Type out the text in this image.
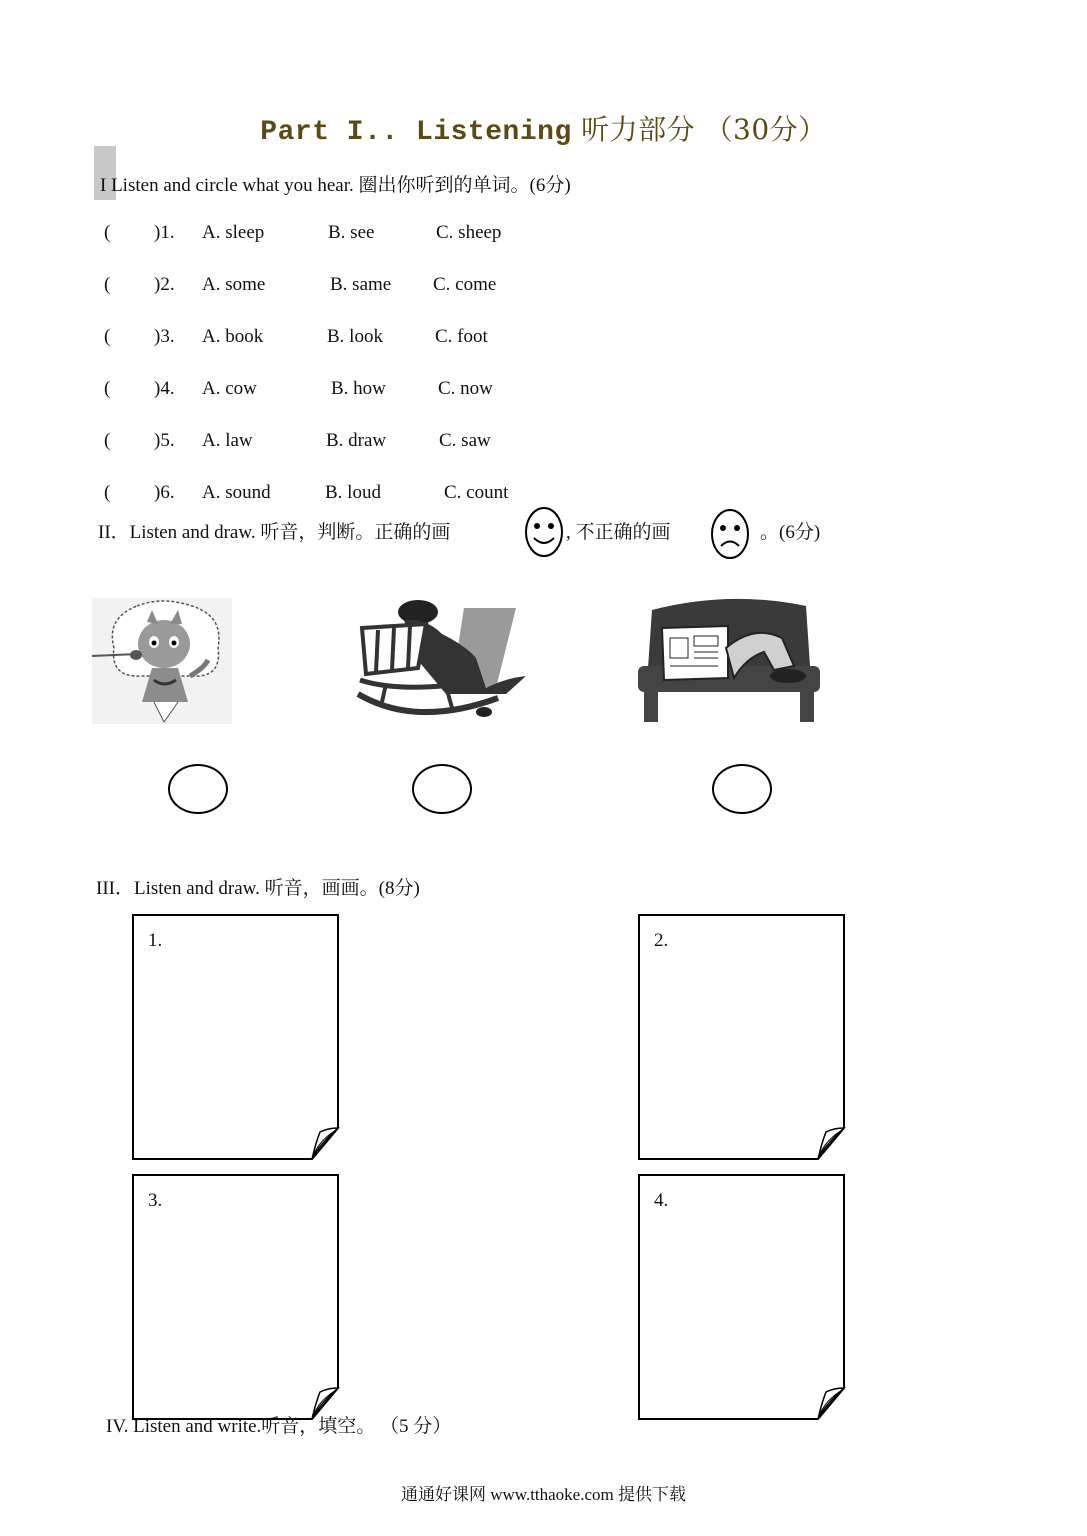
Part I.. Listening 听力部分 （30分）
I Listen and circle what you hear. 圈出你听到的单词。(6分)
( )1. A. sleep	B. see	C. sheep
( )2. A. some	B. same C. come
( )3. A. book	B. look	C. foot
( )4. A. cow	B. how	C. now
( )5. A. law	B. draw	C. saw
( )6. A. sound	B. loud	C. count
II．Listen and draw. 听音，判断。正确的画	, 不正确的画	。(6分)
III．Listen and draw. 听音，画画。(8分)
1.	2.
3.	4.
IV. Listen and write.听音，填空。 （5 分）
通通好课网 www.tthaoke.com 提供下载
